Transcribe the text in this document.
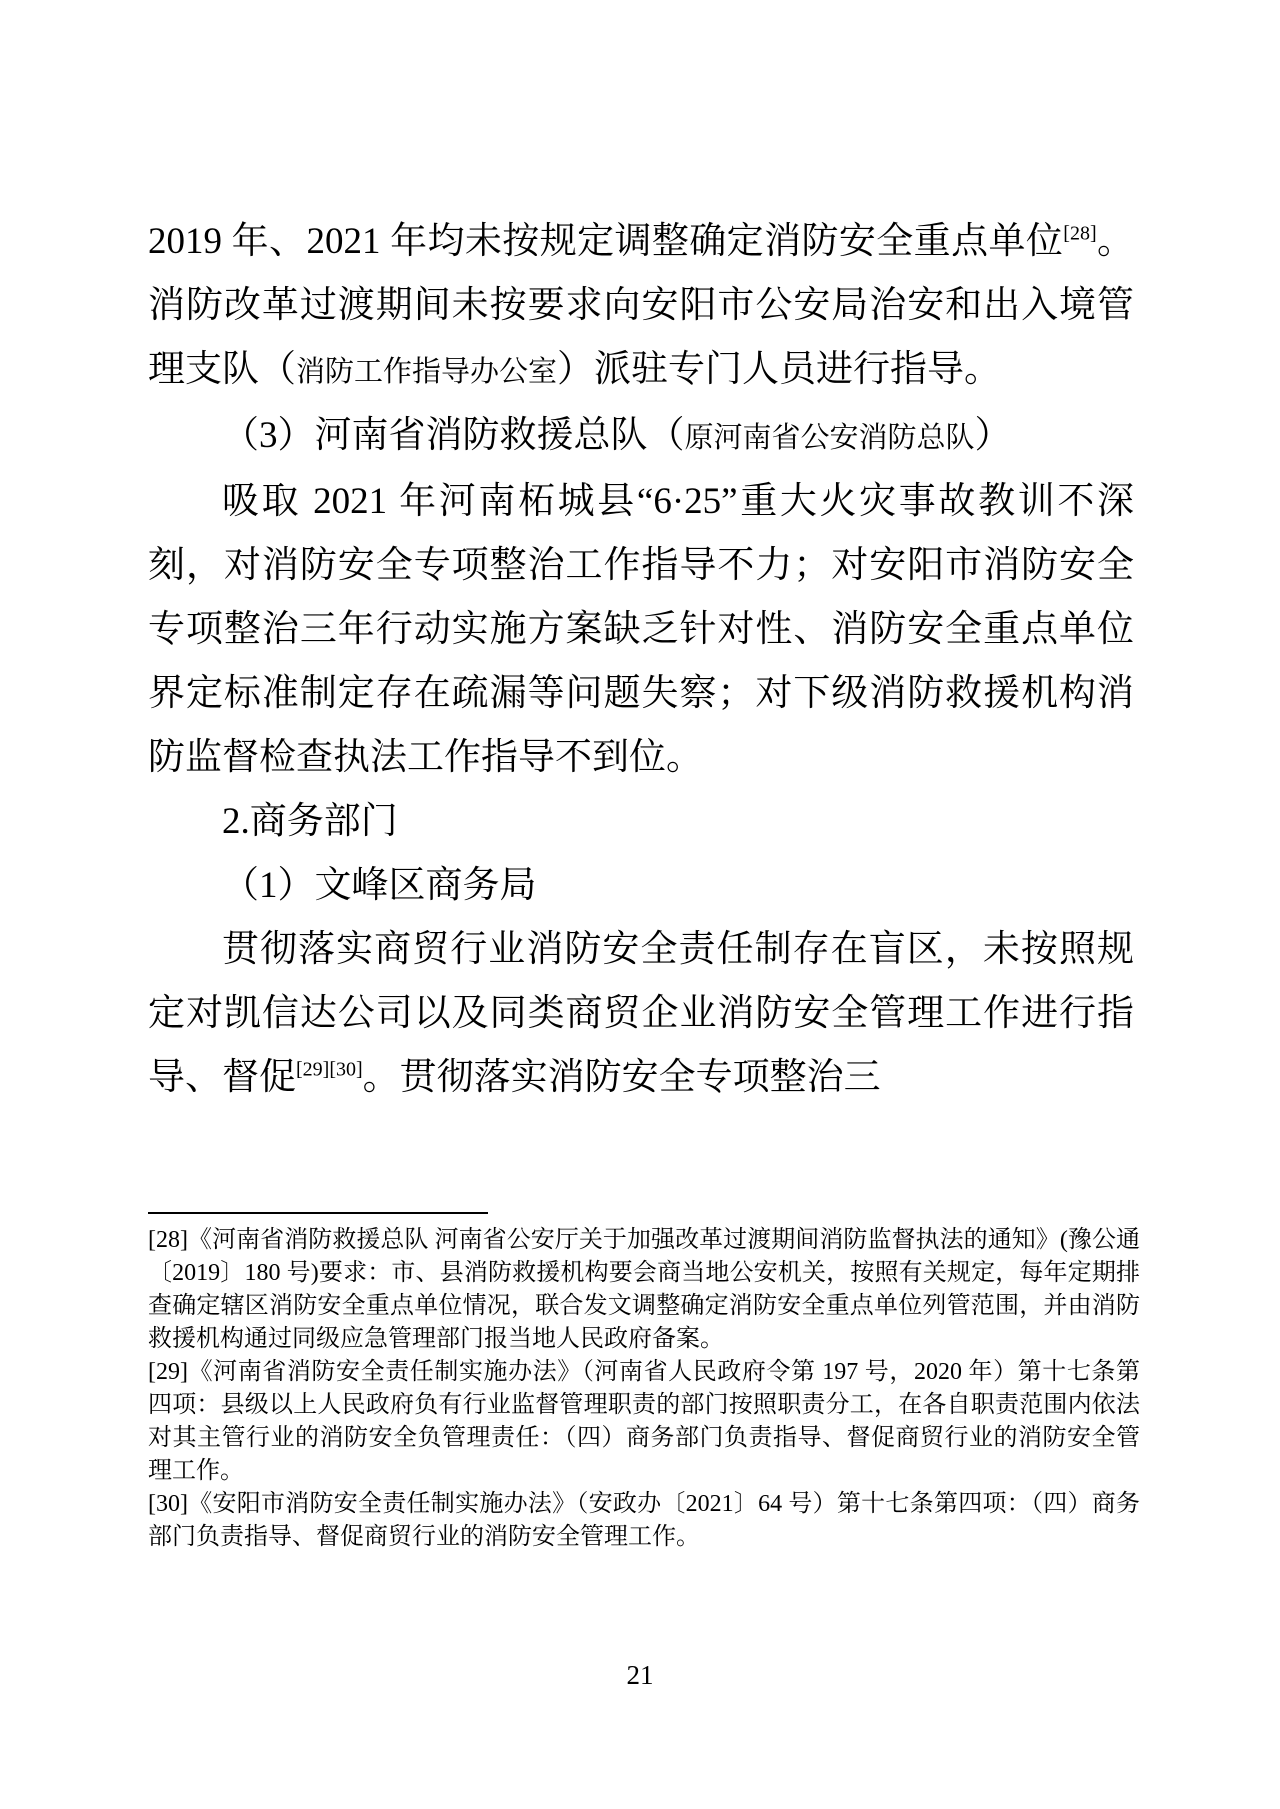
2019 年、2021 年均未按规定调整确定消防安全重点单位[28]。消防改革过渡期间未按要求向安阳市公安局治安和出入境管理支队（消防工作指导办公室）派驻专门人员进行指导。

（3）河南省消防救援总队（原河南省公安消防总队）

吸取 2021 年河南柘城县“6·25”重大火灾事故教训不深刻，对消防安全专项整治工作指导不力；对安阳市消防安全专项整治三年行动实施方案缺乏针对性、消防安全重点单位界定标准制定存在疏漏等问题失察；对下级消防救援机构消防监督检查执法工作指导不到位。

2.商务部门

（1）文峰区商务局

贯彻落实商贸行业消防安全责任制存在盲区，未按照规定对凯信达公司以及同类商贸企业消防安全管理工作进行指导、督促[29][30]。贯彻落实消防安全专项整治三

[28]《河南省消防救援总队 河南省公安厅关于加强改革过渡期间消防监督执法的通知》(豫公通〔2019〕180 号)要求：市、县消防救援机构要会商当地公安机关，按照有关规定，每年定期排查确定辖区消防安全重点单位情况，联合发文调整确定消防安全重点单位列管范围，并由消防救援机构通过同级应急管理部门报当地人民政府备案。

[29]《河南省消防安全责任制实施办法》（河南省人民政府令第 197 号，2020 年）第十七条第四项：县级以上人民政府负有行业监督管理职责的部门按照职责分工，在各自职责范围内依法对其主管行业的消防安全负管理责任：（四）商务部门负责指导、督促商贸行业的消防安全管理工作。

[30]《安阳市消防安全责任制实施办法》（安政办〔2021〕64 号）第十七条第四项：（四）商务部门负责指导、督促商贸行业的消防安全管理工作。

21
